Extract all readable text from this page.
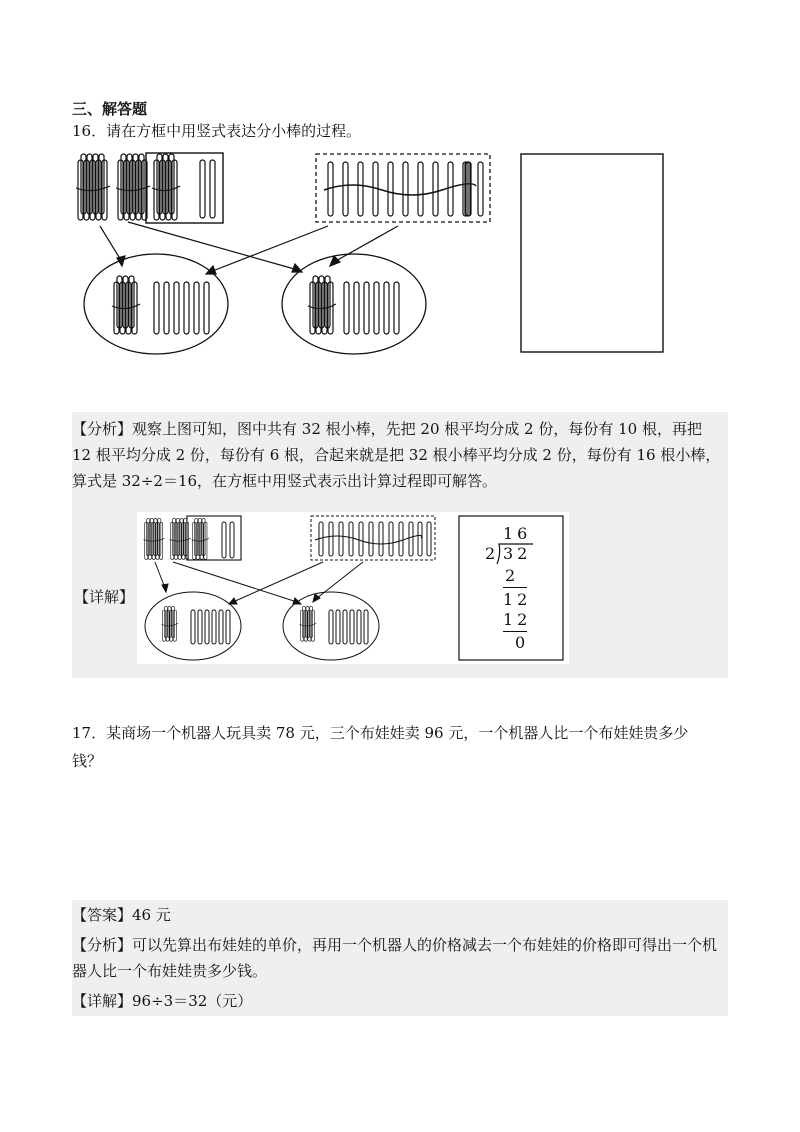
三、解答题
16．请在方框中用竖式表达分小棒的过程。
【分析】观察上图可知，图中共有 32 根小棒，先把 20 根平均分成 2 份，每份有 10 根，再把 12 根平均分成 2 份，每份有 6 根，合起来就是把 32 根小棒平均分成 2 份，每份有 16 根小棒，算式是 32÷2＝16，在方框中用竖式表示出计算过程即可解答。
【详解】
16
2 32
2
12
12
0
17．某商场一个机器人玩具卖 78 元，三个布娃娃卖 96 元，一个机器人比一个布娃娃贵多少
钱？
【答案】46 元
【分析】可以先算出布娃娃的单价，再用一个机器人的价格减去一个布娃娃的价格即可得出一个机器人比一个布娃娃贵多少钱。
【详解】96÷3＝32（元）
